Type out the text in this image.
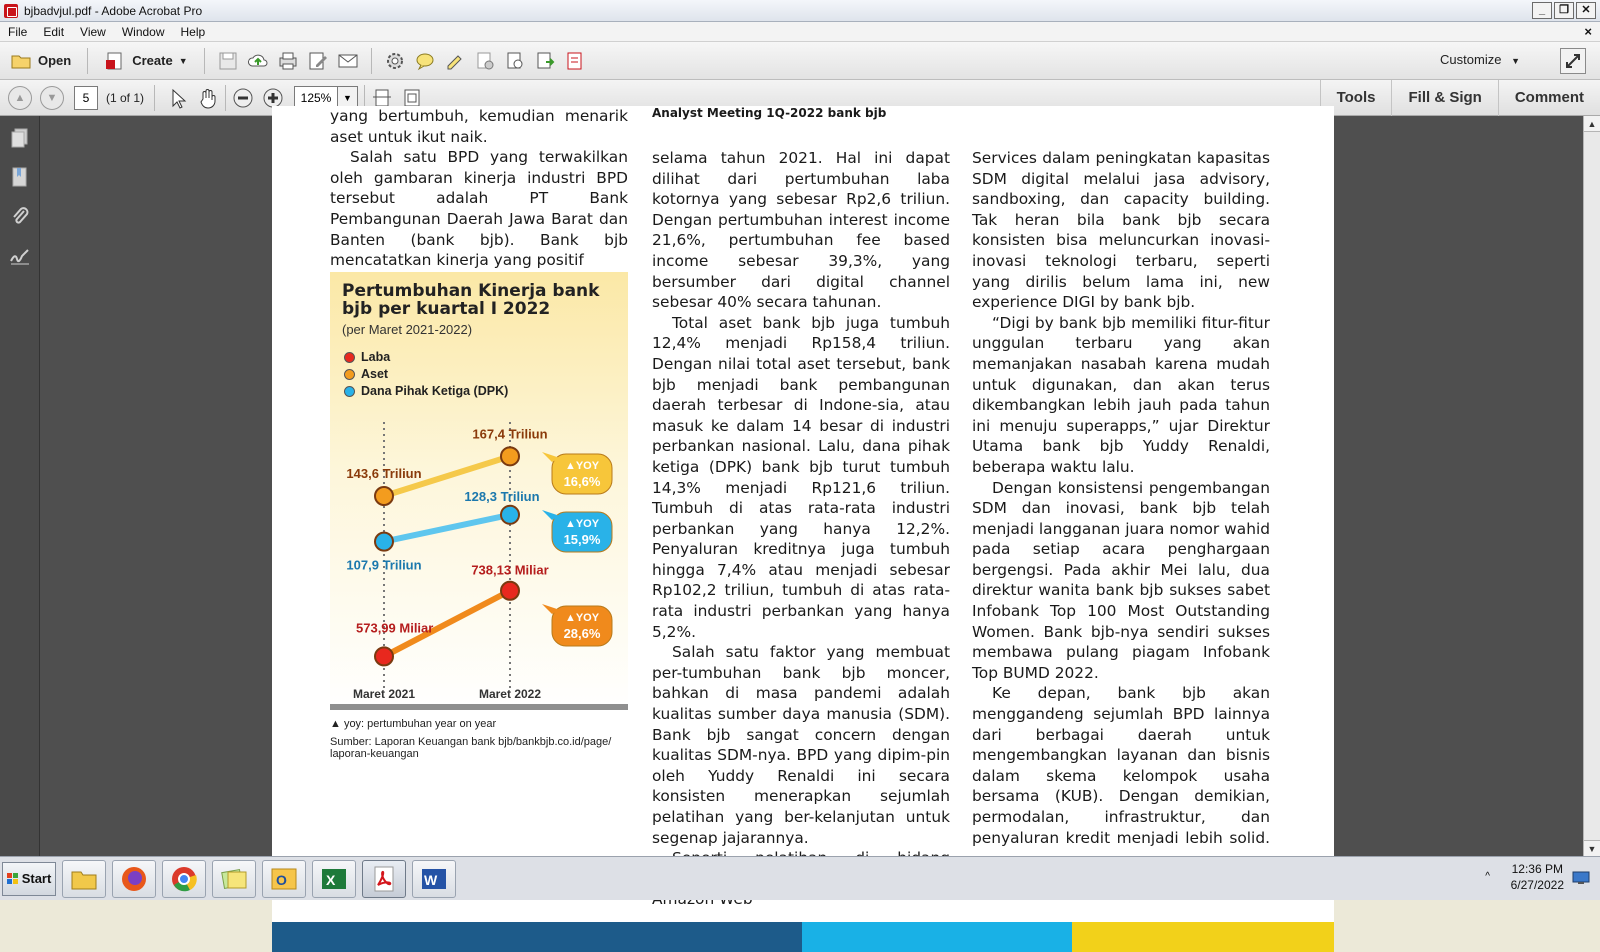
bjbadvjul.pdf - Adobe Acrobat Pro	_	❐	✕
File	Edit	View	Window	Help	×
Open	Create ▼	Customize ▼
▲ ▼	5	(1 of 1)	125%	▼	Tools	Fill & Sign	Comment

yang bertumbuh, kemudian menarik aset untuk ikut naik.

Salah satu BPD yang terwakilkan oleh gambaran kinerja industri BPD tersebut adalah PT Bank Pembangunan Daerah Jawa Barat dan Banten (bank bjb). Bank bjb mencatatkan kinerja yang positif

Pertumbuhan Kinerja bank bjb per kuartal I 2022
(per Maret 2021-2022)
Laba
Aset
Dana Pihak Ketiga (DPK)
Maret 2021	Maret 2022
573,99 Miliar
738,13 Miliar
▲YOY
28,6%
143,6 Triliun
167,4 Triliun
▲YOY
16,6%
107,9 Triliun
128,3 Triliun
▲YOY
15,9%
▲ yoy: pertumbuhan year on year
Sumber: Laporan Keuangan bank bjb/bankbjb.co.id/page/ laporan-keuangan
Analyst Meeting 1Q-2022 bank bjb

selama tahun 2021. Hal ini dapat dilihat dari pertumbuhan laba kotornya yang sebesar Rp2,6 triliun. Dengan pertumbuhan interest income 21,6%, pertumbuhan fee based income sebesar 39,3%, yang bersumber dari digital channel sebesar 40% secara tahunan.

Total aset bank bjb juga tumbuh 12,4% menjadi Rp158,4 triliun. Dengan nilai total aset tersebut, bank bjb menjadi bank pembangunan daerah terbesar di Indone-sia, atau masuk ke dalam 14 besar di industri perbankan nasional. Lalu, dana pihak ketiga (DPK) bank bjb turut tumbuh 14,3% menjadi Rp121,6 triliun. Tumbuh di atas rata-rata industri perbankan yang hanya 12,2%. Penyaluran kreditnya juga tumbuh hingga 7,4% atau menjadi sebesar Rp102,2 triliun, tumbuh di atas rata-rata industri perbankan yang hanya 5,2%.

Salah satu faktor yang membuat per-tumbuhan bank bjb moncer, bahkan di masa pandemi adalah kualitas sumber daya manusia (SDM). Bank bjb sangat concern dengan kualitas SDM-nya. BPD yang dipim-pin oleh Yuddy Renaldi ini secara konsisten menerapkan sejumlah pelatihan yang ber-kelanjutan untuk segenap jajarannya.

Services dalam peningkatan kapasitas SDM digital melalui jasa advisory, sandboxing, dan capacity building. Tak heran bila bank bjb secara konsisten bisa meluncurkan inovasi-inovasi teknologi terbaru, seperti yang dirilis belum lama ini, new experience DIGI by bank bjb.

“Digi by bank bjb memiliki fitur-fitur unggulan terbaru yang akan memanjakan nasabah karena mudah untuk digunakan, dan akan terus dikembangkan lebih jauh pada tahun ini menuju superapps,” ujar Direktur Utama bank bjb Yuddy Renaldi, beberapa waktu lalu.

Dengan konsistensi pengembangan SDM dan inovasi, bank bjb telah menjadi langganan juara nomor wahid pada setiap acara penghargaan bergengsi. Pada akhir Mei lalu, dua direktur wanita bank bjb sukses sabet Infobank Top 100 Most Outstanding Women. Bank bjb-nya sendiri sukses membawa pulang piagam Infobank Top BUMD 2022.

Ke depan, bank bjb akan menggandeng sejumlah BPD lainnya dari berbagai daerah untuk mengembangkan layanan dan bisnis dalam skema kelompok usaha bersama (KUB). Dengan demikian, permodalan, infrastruktur, dan penyaluran kredit menjadi lebih solid.

▲
▼
Start	O	X	W	^
12:36 PM
6/27/2022
